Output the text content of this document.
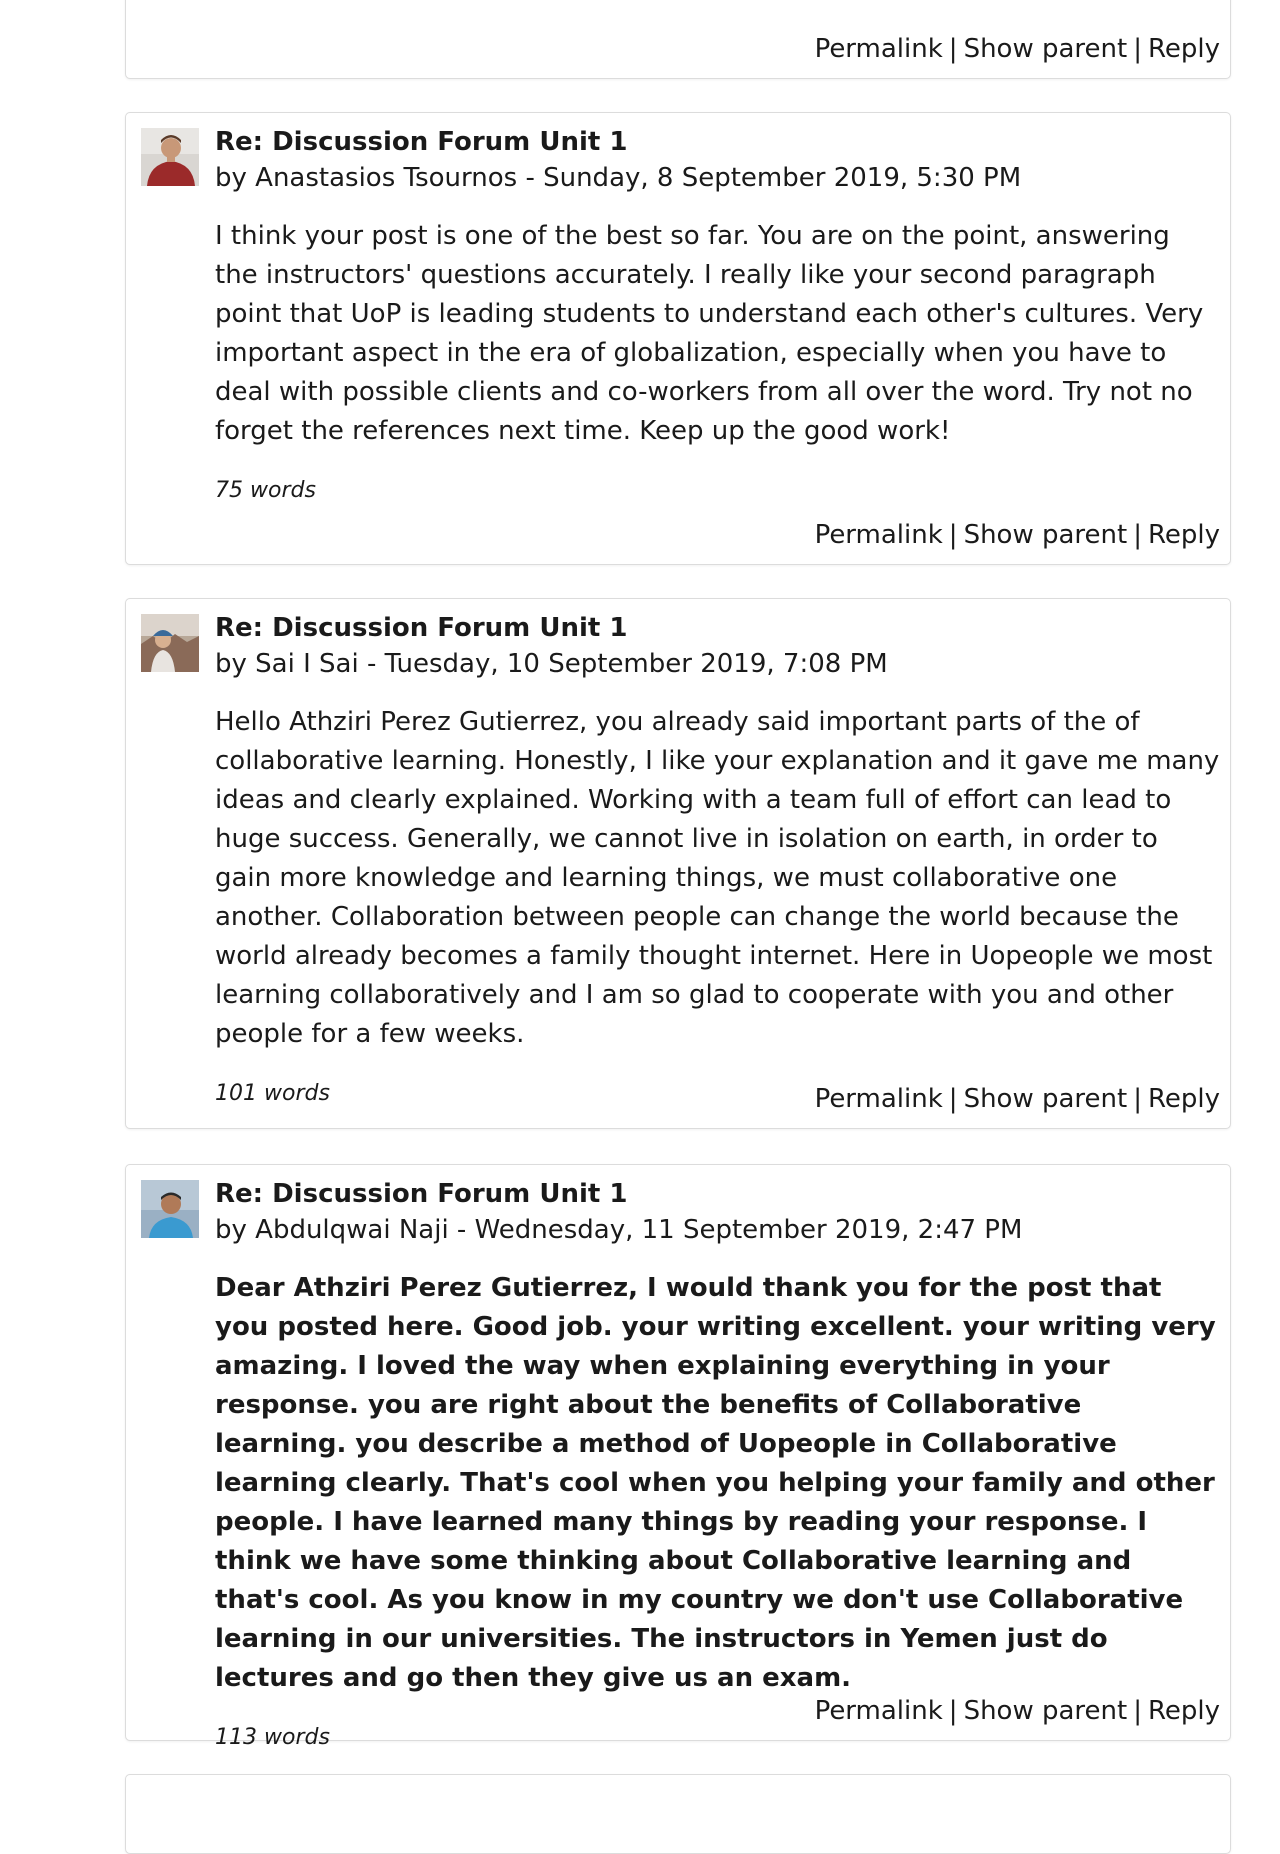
Permalink | Show parent | Reply
Re: Discussion Forum Unit 1
by Anastasios Tsournos - Sunday, 8 September 2019, 5:30 PM
I think your post is one of the best so far. You are on the point, answering the instructors' questions accurately. I really like your second paragraph point that UoP is leading students to understand each other's cultures. Very important aspect in the era of globalization, especially when you have to deal with possible clients and co-workers from all over the word. Try not no forget the references next time. Keep up the good work!
75 words
Permalink | Show parent | Reply
Re: Discussion Forum Unit 1
by Sai I Sai - Tuesday, 10 September 2019, 7:08 PM
Hello Athziri Perez Gutierrez, you already said important parts of the of collaborative learning. Honestly, I like your explanation and it gave me many ideas and clearly explained. Working with a team full of effort can lead to huge success. Generally, we cannot live in isolation on earth, in order to gain more knowledge and learning things, we must collaborative one another. Collaboration between people can change the world because the world already becomes a family thought internet. Here in Uopeople we most learning collaboratively and I am so glad to cooperate with you and other people for a few weeks.
101 words	Permalink | Show parent | Reply
Re: Discussion Forum Unit 1
by Abdulqwai Naji - Wednesday, 11 September 2019, 2:47 PM
Dear Athziri Perez Gutierrez, I would thank you for the post that you posted here. Good job. your writing excellent. your writing very amazing. I loved the way when explaining everything in your response. you are right about the benefits of Collaborative learning. you describe a method of Uopeople in Collaborative learning clearly. That's cool when you helping your family and other people. I have learned many things by reading your response. I think we have some thinking about Collaborative learning and that's cool. As you know in my country we don't use Collaborative learning in our universities. The instructors in Yemen just do lectures and go then they give us an exam.
113 words
Permalink | Show parent | Reply
